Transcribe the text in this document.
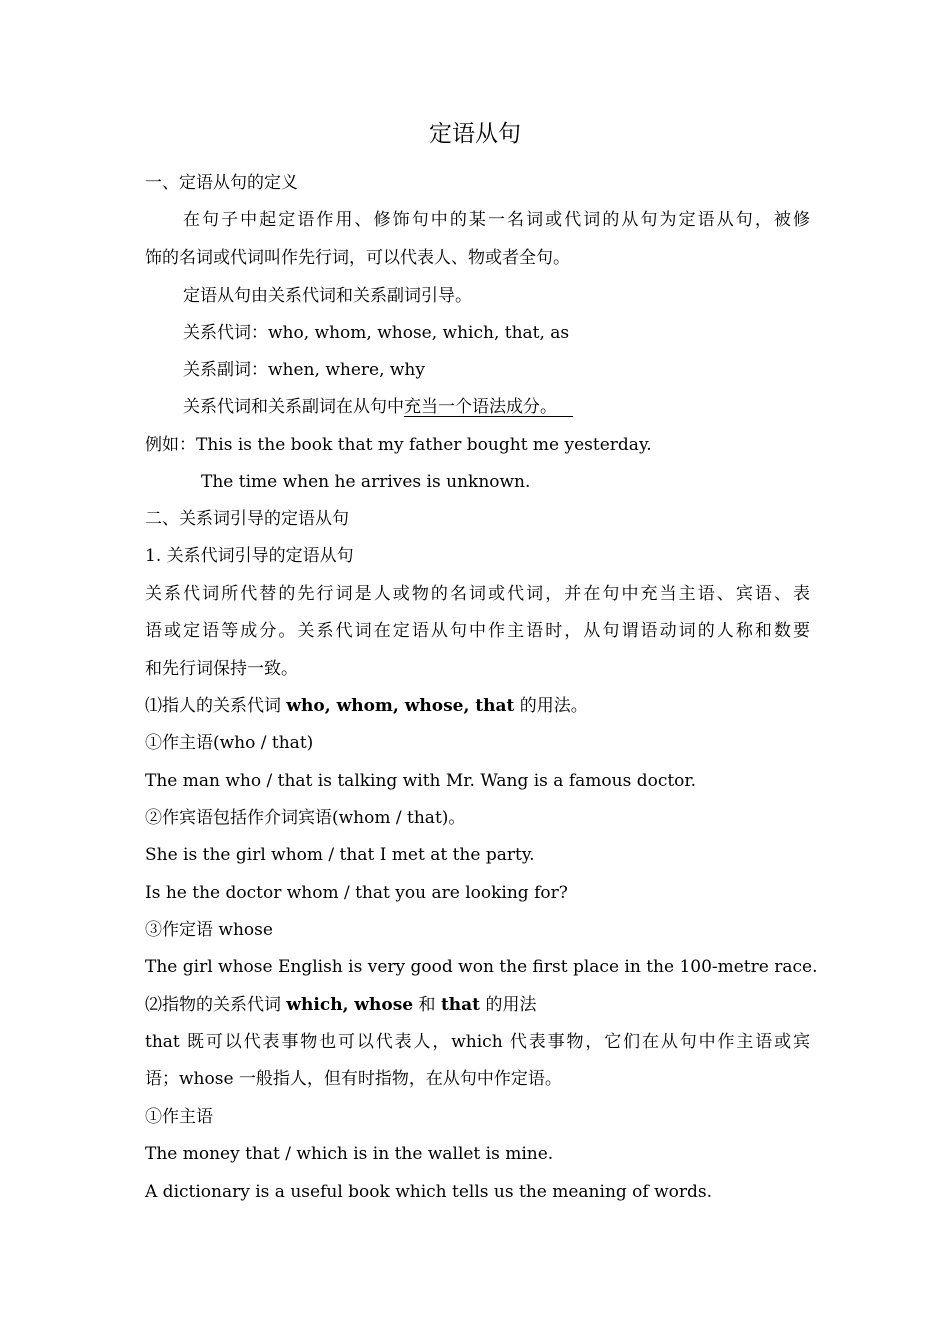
定语从句
一、定语从句的定义
在句子中起定语作用、修饰句中的某一名词或代词的从句为定语从句，被修
饰的名词或代词叫作先行词，可以代表人、物或者全句。
定语从句由关系代词和关系副词引导。
关系代词：who, whom, whose, which, that, as
关系副词：when, where, why
关系代词和关系副词在从句中充当一个语法成分。
例如：This is the book that my father bought me yesterday.
The time when he arrives is unknown.
二、关系词引导的定语从句
1. 关系代词引导的定语从句
关系代词所代替的先行词是人或物的名词或代词，并在句中充当主语、宾语、表
语或定语等成分。关系代词在定语从句中作主语时，从句谓语动词的人称和数要
和先行词保持一致。
⑴指人的关系代词 who, whom, whose, that 的用法。
①作主语(who / that)
The man who / that is talking with Mr. Wang is a famous doctor.
②作宾语包括作介词宾语(whom / that)。
She is the girl whom / that I met at the party.
Is he the doctor whom / that you are looking for?
③作定语 whose
The girl whose English is very good won the first place in the 100-metre race.
⑵指物的关系代词 which, whose 和 that 的用法
that 既可以代表事物也可以代表人，which 代表事物，它们在从句中作主语或宾
语；whose 一般指人，但有时指物，在从句中作定语。
①作主语
The money that / which is in the wallet is mine.
A dictionary is a useful book which tells us the meaning of words.
